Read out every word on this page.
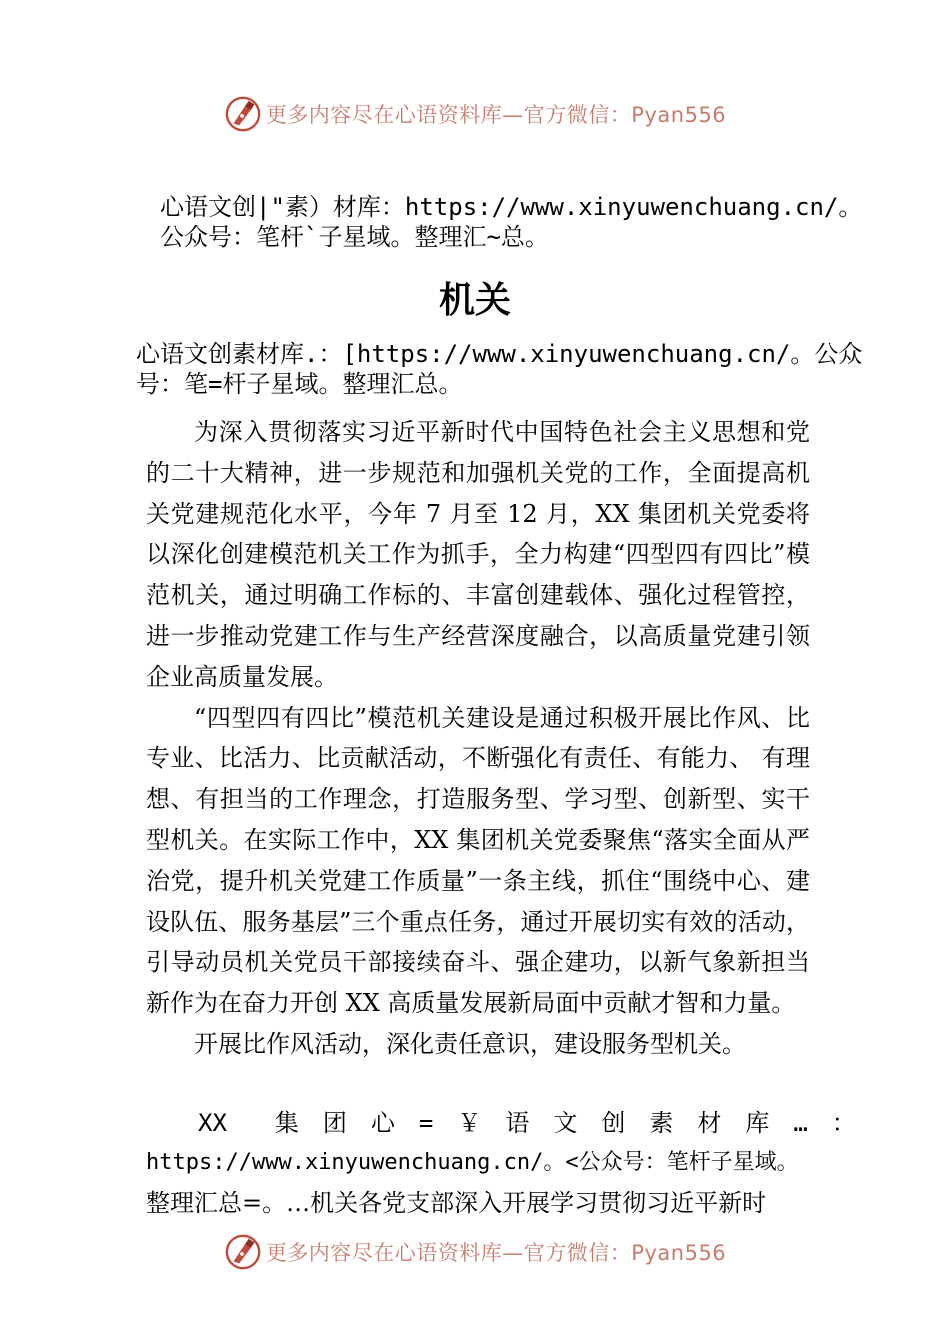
更多内容尽在心语资料库—官方微信：Pyan556
心语文创|"素）材库：https://www.xinyuwenchuang.cn/。
公众号：笔杆`子星域。整理汇~总。
机关
心语文创素材库.：[https://www.xinyuwenchuang.cn/。公众
号：笔=杆子星域。整理汇总。

为深入贯彻落实习近平新时代中国特色社会主义思想和党的二十大精神，进一步规范和加强机关党的工作，全面提高机关党建规范化水平，今年 7 月至 12 月，XX 集团机关党委将以深化创建模范机关工作为抓手，全力构建“四型四有四比”模范机关，通过明确工作标的、丰富创建载体、强化过程管控，进一步推动党建工作与生产经营深度融合，以高质量党建引领企业高质量发展。

“四型四有四比”模范机关建设是通过积极开展比作风、比专业、比活力、比贡献活动，不断强化有责任、有能力、 有理想、有担当的工作理念，打造服务型、学习型、创新型、实干型机关。在实际工作中，XX 集团机关党委聚焦“落实全面从严治党，提升机关党建工作质量”一条主线，抓住“围绕中心、建设队伍、服务基层”三个重点任务，通过开展切实有效的活动，引导动员机关党员干部接续奋斗、强企建功，以新气象新担当新作为在奋力开创 XX 高质量发展新局面中贡献才智和力量。

开展比作风活动，深化责任意识，建设服务型机关。

XX　　集　团　心　=　￥　语　文　创　素　材　库　…　：
https://www.xinyuwenchuang.cn/。<公众号：笔杆子星域。
整理汇总=。…机关各党支部深入开展学习贯彻习近平新时
更多内容尽在心语资料库—官方微信：Pyan556
